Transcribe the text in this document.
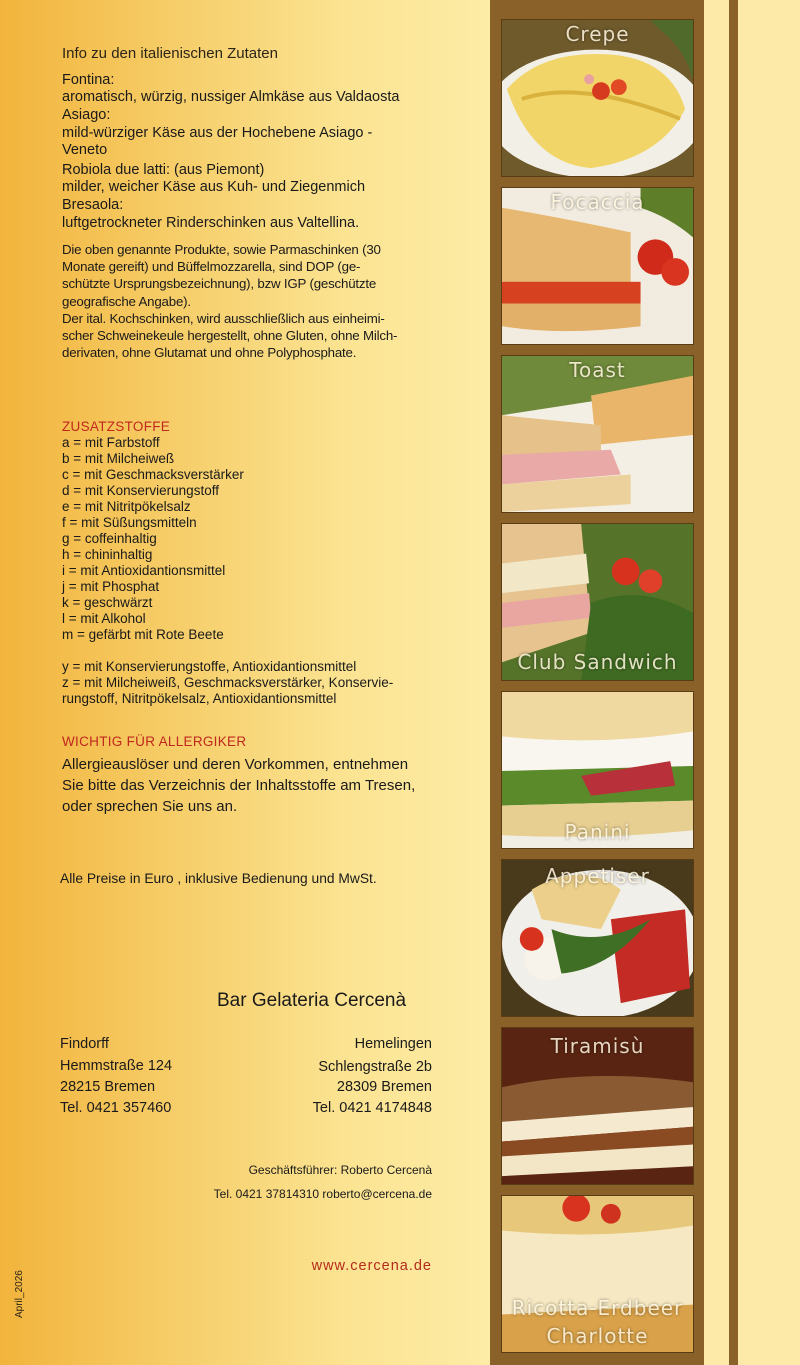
Info zu den italienischen Zutaten
Fontina:
aromatisch, würzig, nussiger Almkäse aus Valdaosta
Asiago:
mild-würziger Käse aus der Hochebene Asiago -
Veneto
Robiola due latti: (aus Piemont)
milder, weicher Käse aus Kuh- und Ziegenmich
Bresaola:
luftgetrockneter Rinderschinken aus Valtellina.
Die oben genannte Produkte, sowie Parmaschinken (30
Monate gereift) und Büffelmozzarella, sind DOP (ge-
schützte Ursprungsbezeichnung), bzw IGP (geschützte
geografische Angabe).
Der ital. Kochschinken, wird ausschließlich aus einheimi-
scher Schweinekeule hergestellt, ohne Gluten, ohne Milch-
derivaten, ohne Glutamat und ohne Polyphosphate.
ZUSATZSTOFFE
a = mit Farbstoff
b = mit Milcheiweß
c = mit Geschmacksverstärker
d = mit Konservierungstoff
e = mit Nitritpökelsalz
f = mit Süßungsmitteln
g = coffeinhaltig
h = chininhaltig
i = mit Antioxidantionsmittel
j = mit Phosphat
k = geschwärzt
l = mit Alkohol
m = gefärbt mit Rote Beete
y = mit Konservierungstoffe, Antioxidantionsmittel
z = mit Milcheiweiß, Geschmacksverstärker, Konservie-
rungstoff, Nitritpökelsalz, Antioxidantionsmittel
WICHTIG FÜR ALLERGIKER
Allergieauslöser und deren Vorkommen, entnehmen
Sie bitte das Verzeichnis der Inhaltsstoffe am Tresen,
oder sprechen Sie uns an.
Alle Preise in Euro , inklusive Bedienung und MwSt.
Bar Gelateria Cercenà
Findorff
Hemmstraße 124
28215 Bremen
Tel. 0421 357460
Hemelingen
Schlengstraße 2b
28309 Bremen
Tel. 0421 4174848
Geschäftsführer: Roberto Cercenà
Tel. 0421 37814310 roberto@cercena.de
www.cercena.de
April_2026
Crepe
Focaccia
Toast
Club Sandwich
Panini
Appetiser
Tiramisù
Ricotta-Erdbeer
Charlotte
